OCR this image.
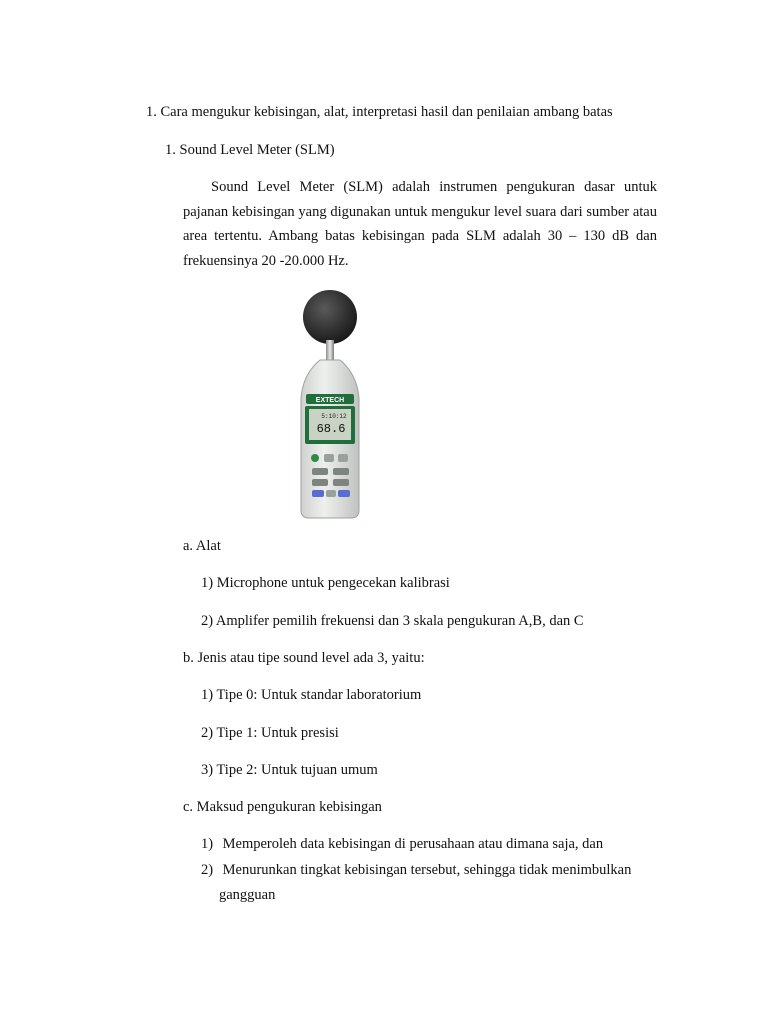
1. Cara mengukur kebisingan, alat, interpretasi hasil dan penilaian ambang batas
1. Sound Level Meter (SLM)
Sound Level Meter (SLM) adalah instrumen pengukuran dasar untuk pajanan kebisingan yang digunakan untuk mengukur level suara dari sumber atau area tertentu. Ambang batas kebisingan pada SLM adalah 30 – 130 dB dan frekuensinya 20 -20.000 Hz.
EXTECH
5:10:12
68.6
a. Alat
1) Microphone untuk pengecekan kalibrasi
2) Amplifer pemilih frekuensi dan 3 skala pengukuran A,B, dan C
b. Jenis atau tipe sound level ada 3, yaitu:
1) Tipe 0: Untuk standar laboratorium
2) Tipe 1: Untuk presisi
3) Tipe 2: Untuk tujuan umum
c. Maksud pengukuran kebisingan
1) Memperoleh data kebisingan di perusahaan atau dimana saja, dan
2) Menurunkan tingkat kebisingan tersebut, sehingga tidak menimbulkan
gangguan
